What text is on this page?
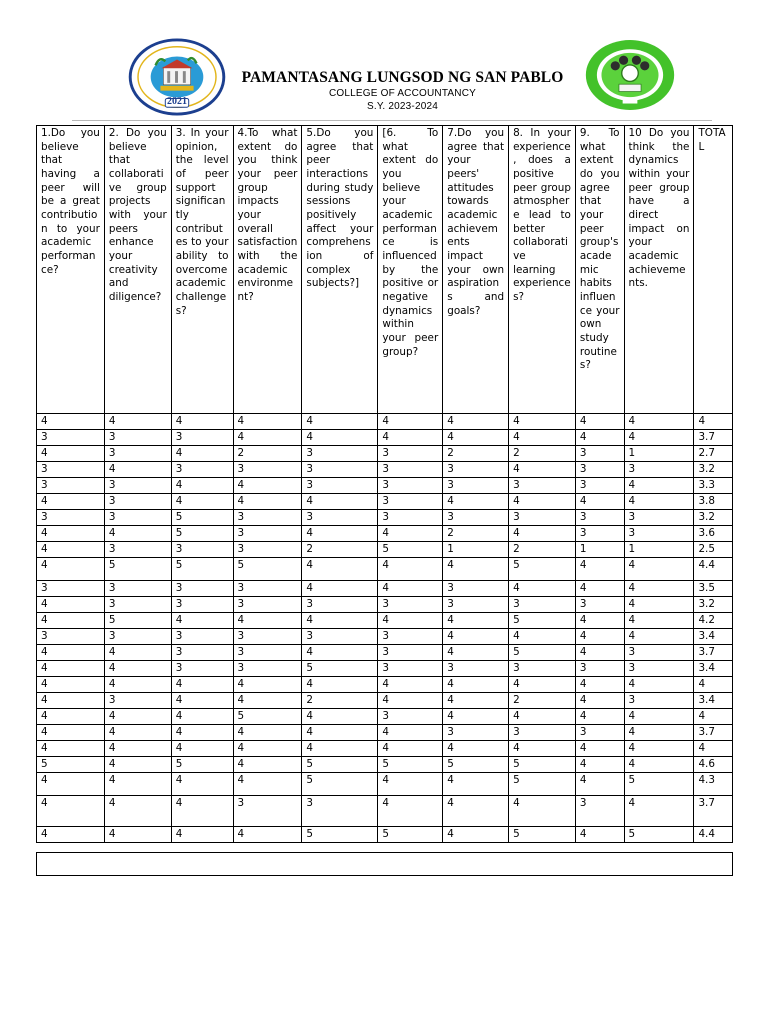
2021
PAMANTASANG LUNGSOD NG SAN PABLO
COLLEGE OF ACCOUNTANCY
S.Y. 2023-2024
1.Do you believe that having a peer will be a great contribution to your academic performance?	2. Do you believe that collaborative group projects with your peers enhance your creativity and diligence?	3. In your opinion, the level of peer support significantly contributes to your ability to overcome academic challenges?	4.To what extent do you think your peer group impacts your overall satisfaction with the academic environment?	5.Do you agree that peer interactions during study sessions positively affect your comprehension of complex subjects?]	[6. To what extent do you believe your academic performance is influenced by the positive or negative dynamics within your peer group?	7.Do you agree that your peers' attitudes towards academic achievements impact your own aspirations and goals?	8. In your experience, does a positive peer group atmosphere lead to better collaborative learning experiences?	9. To what extent do you agree that your peer group's academic habits influence your own study routines?	10 Do you think the dynamics within your peer group have a direct impact on your academic achievements.	TOTAL
4	4	4	4	4	4	4	4	4	4	4
3	3	3	4	4	4	4	4	4	4	3.7
4	3	4	2	3	3	2	2	3	1	2.7
3	4	3	3	3	3	3	4	3	3	3.2
3	3	4	4	3	3	3	3	3	4	3.3
4	3	4	4	4	3	4	4	4	4	3.8
3	3	5	3	3	3	3	3	3	3	3.2
4	4	5	3	4	4	2	4	3	3	3.6
4	3	3	3	2	5	1	2	1	1	2.5
4	5	5	5	4	4	4	5	4	4	4.4
3	3	3	3	4	4	3	4	4	4	3.5
4	3	3	3	3	3	3	3	3	4	3.2
4	5	4	4	4	4	4	5	4	4	4.2
3	3	3	3	3	3	4	4	4	4	3.4
4	4	3	3	4	3	4	5	4	3	3.7
4	4	3	3	5	3	3	3	3	3	3.4
4	4	4	4	4	4	4	4	4	4	4
4	3	4	4	2	4	4	2	4	3	3.4
4	4	4	5	4	3	4	4	4	4	4
4	4	4	4	4	4	3	3	3	4	3.7
4	4	4	4	4	4	4	4	4	4	4
5	4	5	4	5	5	5	5	4	4	4.6
4	4	4	4	5	4	4	5	4	5	4.3
4	4	4	3	3	4	4	4	3	4	3.7
4	4	4	4	5	5	4	5	4	5	4.4
